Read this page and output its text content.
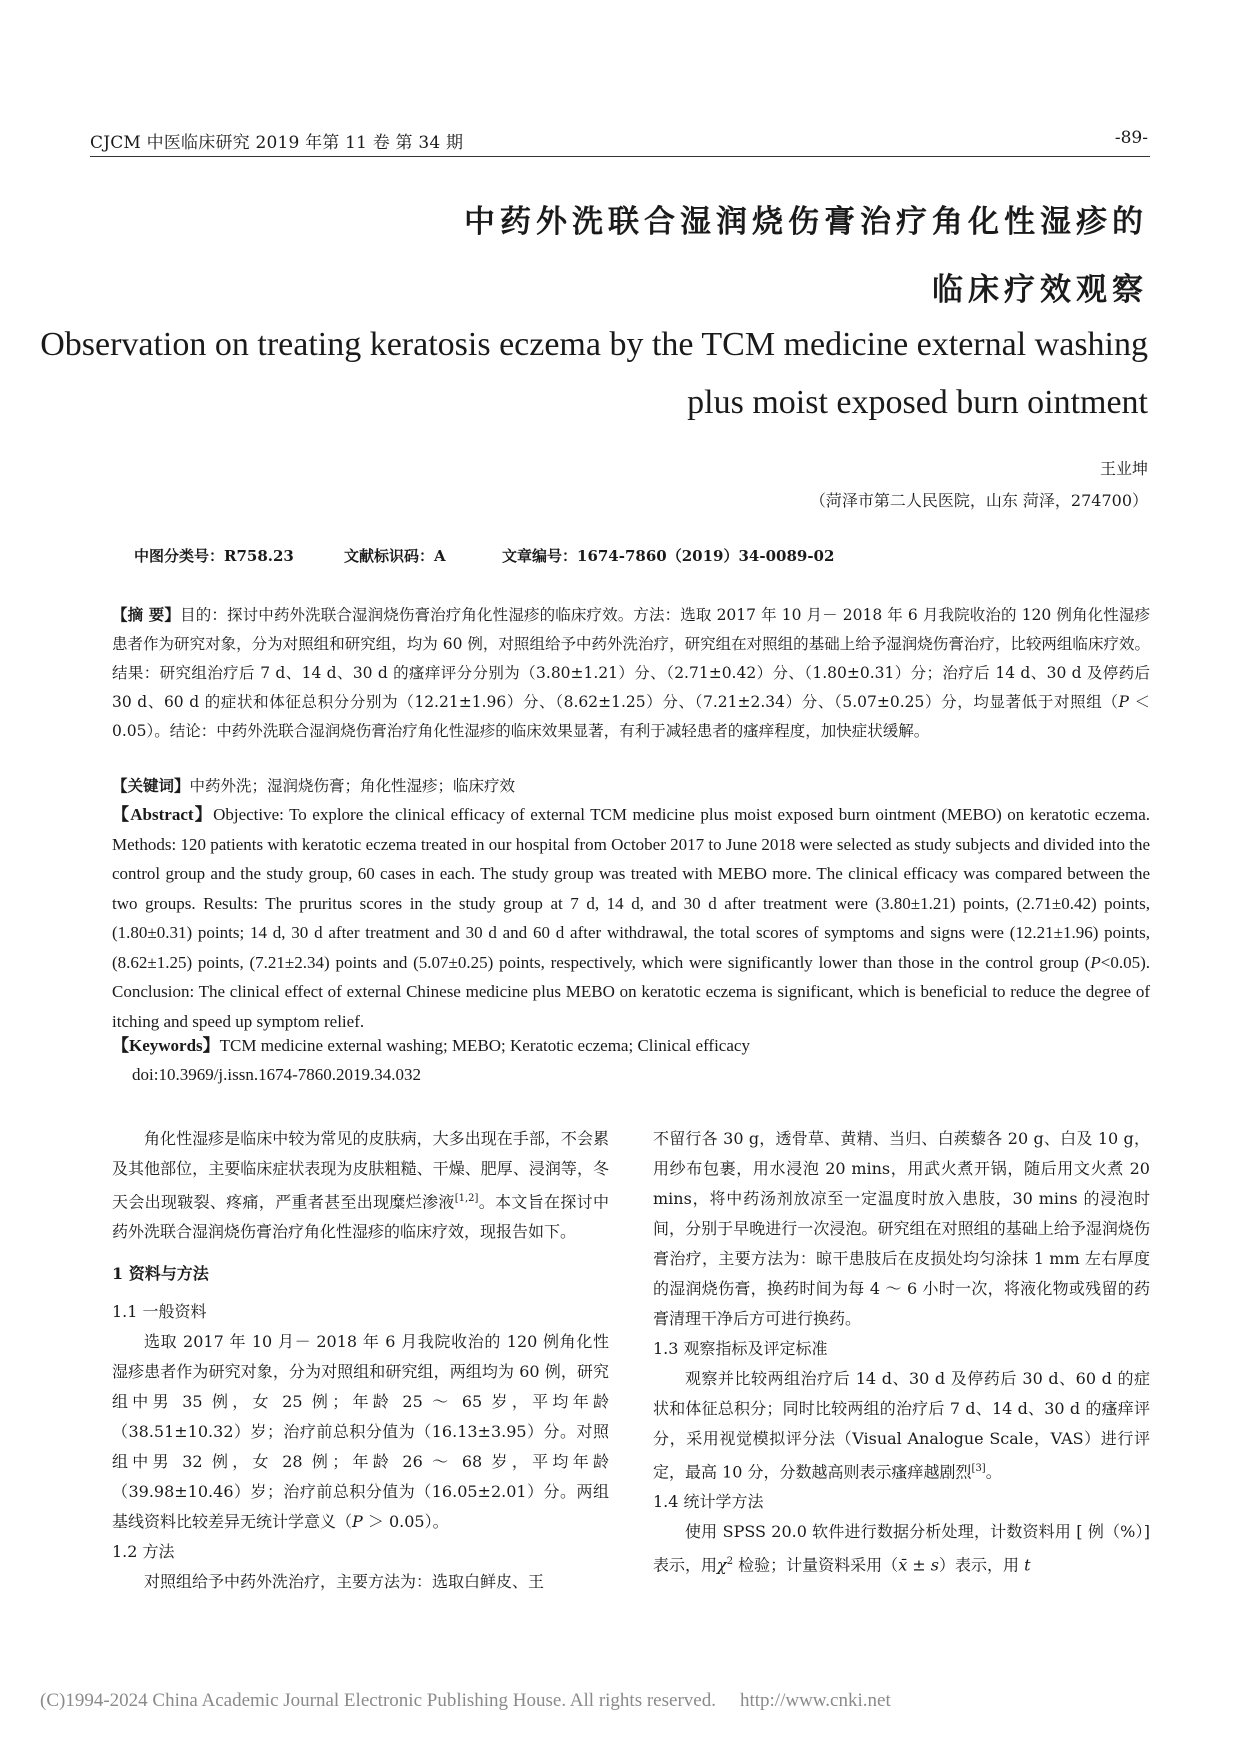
CJCM 中医临床研究 2019 年第 11 卷 第 34 期	-89-
中药外洗联合湿润烧伤膏治疗角化性湿疹的
临床疗效观察
Observation on treating keratosis eczema by the TCM medicine external washing
plus moist exposed burn ointment
王业坤
（菏泽市第二人民医院，山东 菏泽，274700）
中图分类号：R758.23	文献标识码：A	文章编号：1674-7860（2019）34-0089-02
【摘 要】目的：探讨中药外洗联合湿润烧伤膏治疗角化性湿疹的临床疗效。方法：选取 2017 年 10 月－ 2018 年 6 月我院收治的 120 例角化性湿疹患者作为研究对象，分为对照组和研究组，均为 60 例，对照组给予中药外洗治疗，研究组在对照组的基础上给予湿润烧伤膏治疗，比较两组临床疗效。结果：研究组治疗后 7 d、14 d、30 d 的瘙痒评分分别为（3.80±1.21）分、（2.71±0.42）分、（1.80±0.31）分；治疗后 14 d、30 d 及停药后 30 d、60 d 的症状和体征总积分分别为（12.21±1.96）分、（8.62±1.25）分、（7.21±2.34）分、（5.07±0.25）分，均显著低于对照组（P ＜ 0.05）。结论：中药外洗联合湿润烧伤膏治疗角化性湿疹的临床效果显著，有利于减轻患者的瘙痒程度，加快症状缓解。
【关键词】中药外洗；湿润烧伤膏；角化性湿疹；临床疗效
【Abstract】Objective: To explore the clinical efficacy of external TCM medicine plus moist exposed burn ointment (MEBO) on keratotic eczema. Methods: 120 patients with keratotic eczema treated in our hospital from October 2017 to June 2018 were selected as study subjects and divided into the control group and the study group, 60 cases in each. The study group was treated with MEBO more. The clinical efficacy was compared between the two groups. Results: The pruritus scores in the study group at 7 d, 14 d, and 30 d after treatment were (3.80±1.21) points, (2.71±0.42) points, (1.80±0.31) points; 14 d, 30 d after treatment and 30 d and 60 d after withdrawal, the total scores of symptoms and signs were (12.21±1.96) points, (8.62±1.25) points, (7.21±2.34) points and (5.07±0.25) points, respectively, which were significantly lower than those in the control group (P<0.05). Conclusion: The clinical effect of external Chinese medicine plus MEBO on keratotic eczema is significant, which is beneficial to reduce the degree of itching and speed up symptom relief.
【Keywords】TCM medicine external washing; MEBO; Keratotic eczema; Clinical efficacy
doi:10.3969/j.issn.1674-7860.2019.34.032

角化性湿疹是临床中较为常见的皮肤病，大多出现在手部，不会累及其他部位，主要临床症状表现为皮肤粗糙、干燥、肥厚、浸润等，冬天会出现皲裂、疼痛，严重者甚至出现糜烂渗液[1,2]。本文旨在探讨中药外洗联合湿润烧伤膏治疗角化性湿疹的临床疗效，现报告如下。

1 资料与方法

1.1 一般资料

选取 2017 年 10 月－ 2018 年 6 月我院收治的 120 例角化性湿疹患者作为研究对象，分为对照组和研究组，两组均为 60 例，研究组中男 35 例，女 25 例；年龄 25 ～ 65 岁，平均年龄（38.51±10.32）岁；治疗前总积分值为（16.13±3.95）分。对照组中男 32 例，女 28 例；年龄 26 ～ 68 岁，平均年龄（39.98±10.46）岁；治疗前总积分值为（16.05±2.01）分。两组基线资料比较差异无统计学意义（P ＞ 0.05）。

1.2 方法

对照组给予中药外洗治疗，主要方法为：选取白鲜皮、王

不留行各 30 g，透骨草、黄精、当归、白蒺藜各 20 g、白及 10 g，用纱布包裹，用水浸泡 20 mins，用武火煮开锅，随后用文火煮 20 mins，将中药汤剂放凉至一定温度时放入患肢，30 mins 的浸泡时间，分别于早晚进行一次浸泡。研究组在对照组的基础上给予湿润烧伤膏治疗，主要方法为：晾干患肢后在皮损处均匀涂抹 1 mm 左右厚度的湿润烧伤膏，换药时间为每 4 ～ 6 小时一次，将液化物或残留的药膏清理干净后方可进行换药。

1.3 观察指标及评定标准

观察并比较两组治疗后 14 d、30 d 及停药后 30 d、60 d 的症状和体征总积分；同时比较两组的治疗后 7 d、14 d、30 d 的瘙痒评分，采用视觉模拟评分法（Visual Analogue Scale，VAS）进行评定，最高 10 分，分数越高则表示瘙痒越剧烈[3]。

1.4 统计学方法

使用 SPSS 20.0 软件进行数据分析处理，计数资料用 [ 例（%）] 表示，用$\chi^2$ 检验；计量资料采用（x̄ ± s）表示，用 t

(C)1994-2024 China Academic Journal Electronic Publishing House. All rights reserved. http://www.cnki.net
